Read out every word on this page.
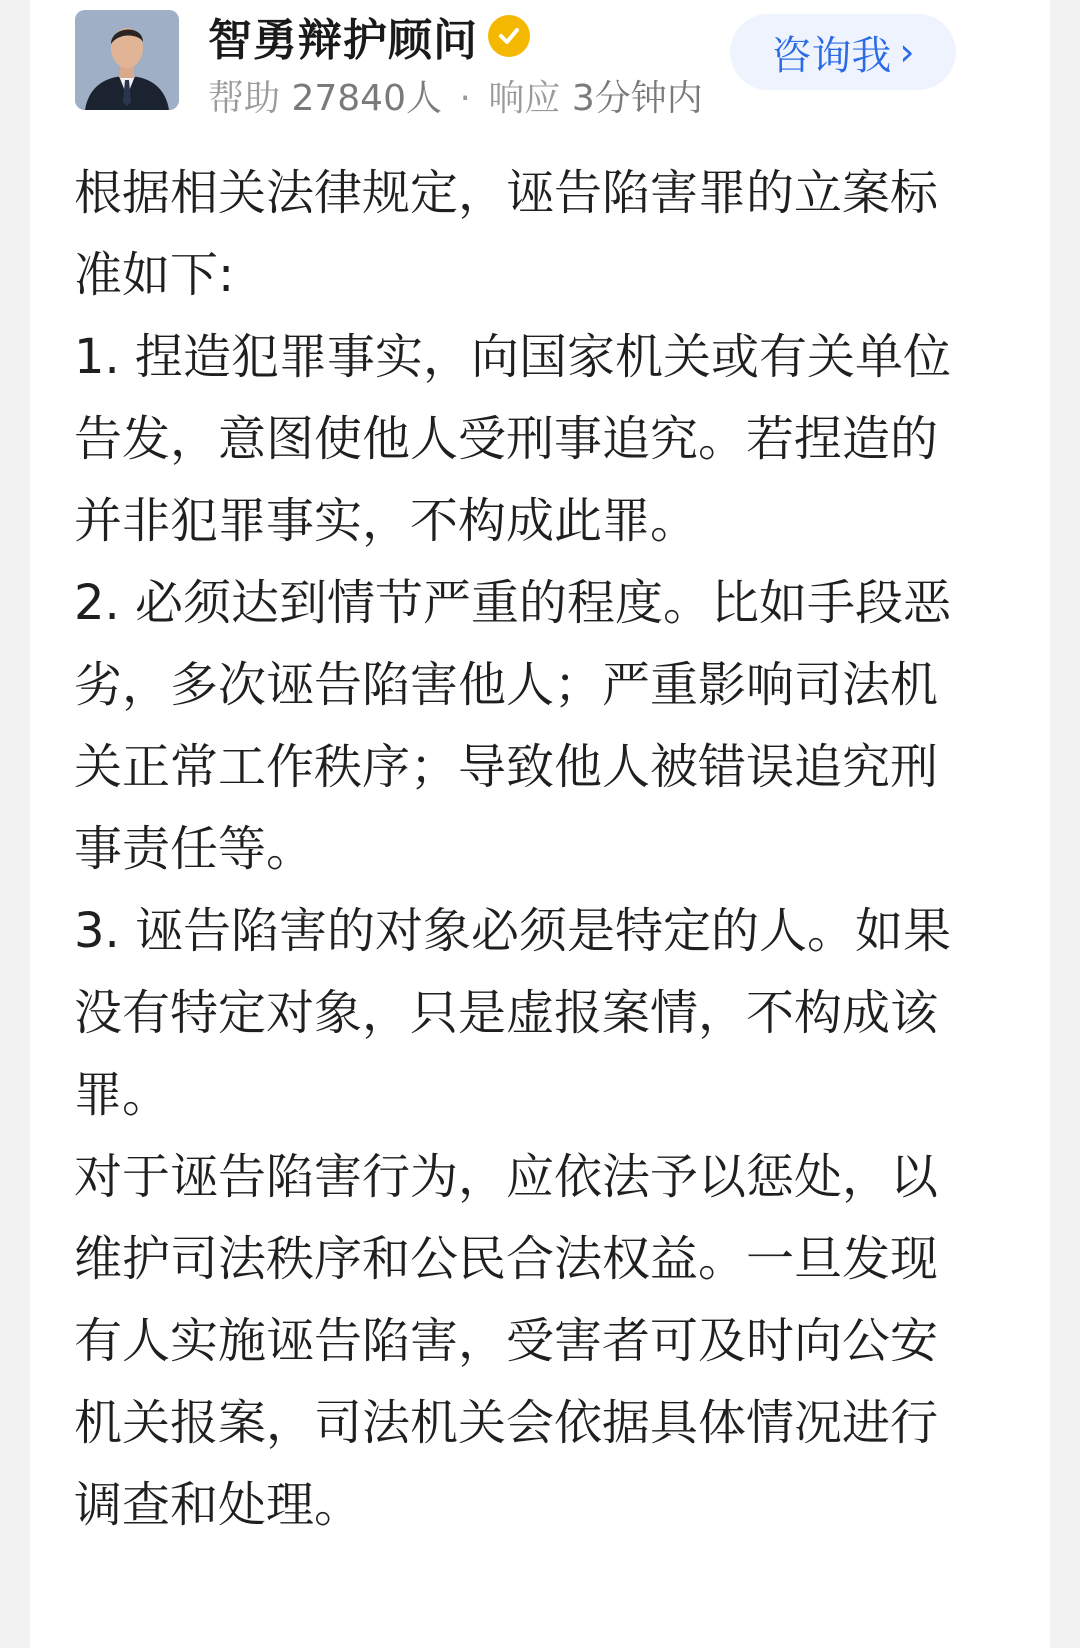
智勇辩护顾问
帮助 27840人 · 响应 3分钟内
咨询我 ›

根据相关法律规定，诬告陷害罪的立案标准如下:

1. 捏造犯罪事实，向国家机关或有关单位告发，意图使他人受刑事追究。若捏造的并非犯罪事实，不构成此罪。

2. 必须达到情节严重的程度。比如手段恶劣，多次诬告陷害他人；严重影响司法机关正常工作秩序；导致他人被错误追究刑事责任等。

3. 诬告陷害的对象必须是特定的人。如果没有特定对象，只是虚报案情，不构成该罪。

对于诬告陷害行为，应依法予以惩处，以维护司法秩序和公民合法权益。一旦发现有人实施诬告陷害，受害者可及时向公安机关报案，司法机关会依据具体情况进行调查和处理。
